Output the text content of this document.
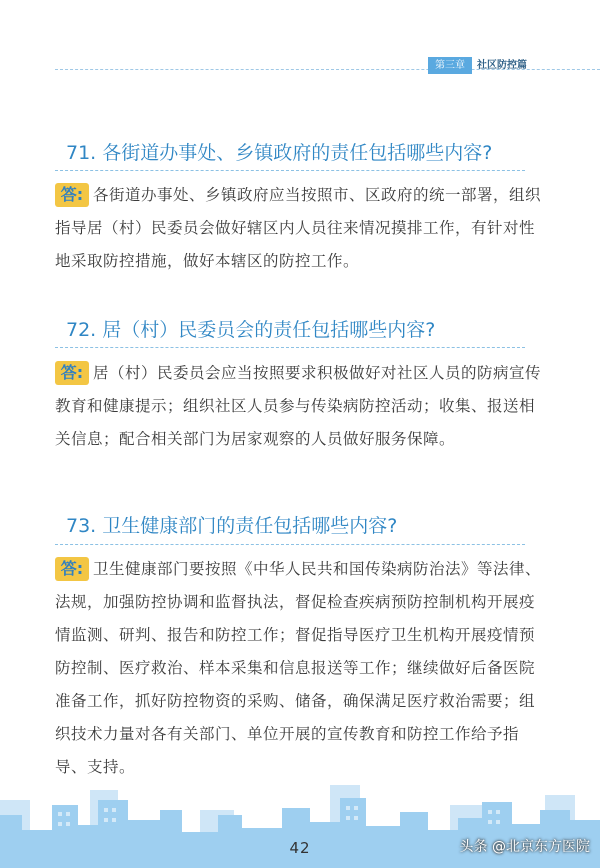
第三章	社区防控篇
71. 各街道办事处、乡镇政府的责任包括哪些内容?
答: 各街道办事处、乡镇政府应当按照市、区政府的统一部署，组织指导居（村）民委员会做好辖区内人员往来情况摸排工作，有针对性地采取防控措施，做好本辖区的防控工作。
72. 居（村）民委员会的责任包括哪些内容?
答: 居（村）民委员会应当按照要求积极做好对社区人员的防病宣传教育和健康提示；组织社区人员参与传染病防控活动；收集、报送相关信息；配合相关部门为居家观察的人员做好服务保障。
73. 卫生健康部门的责任包括哪些内容?
答: 卫生健康部门要按照《中华人民共和国传染病防治法》等法律、法规，加强防控协调和监督执法，督促检查疾病预防控制机构开展疫情监测、研判、报告和防控工作；督促指导医疗卫生机构开展疫情预防控制、医疗救治、样本采集和信息报送等工作；继续做好后备医院准备工作，抓好防控物资的采购、储备，确保满足医疗救治需要；组织技术力量对各有关部门、单位开展的宣传教育和防控工作给予指导、支持。
42	头条 @北京东方医院
